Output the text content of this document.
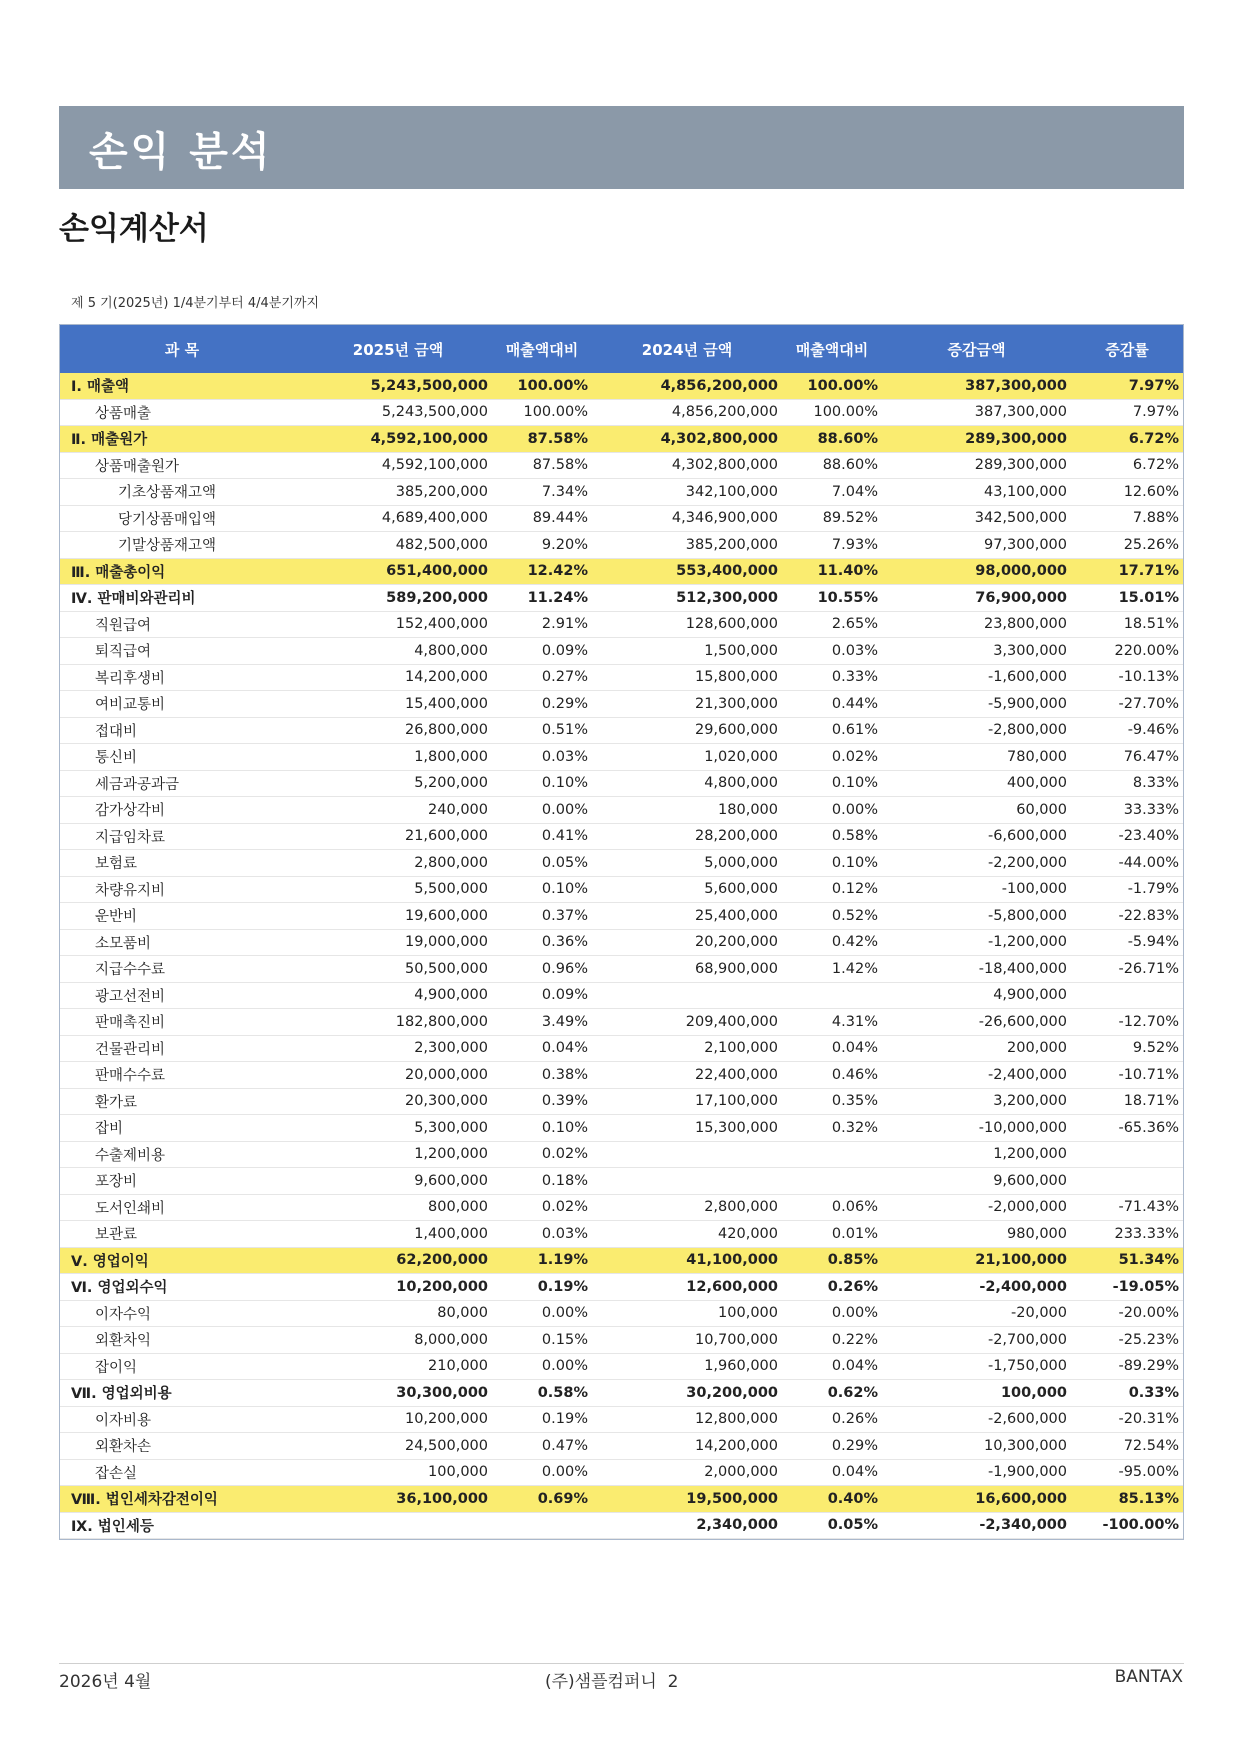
손익 분석
손익계산서
제 5 기(2025년) 1/4분기부터 4/4분기까지
과 목	2025년 금액	매출액대비	2024년 금액	매출액대비	증감금액	증감률
Ⅰ. 매출액	5,243,500,000	100.00%	4,856,200,000	100.00%	387,300,000	7.97%
상품매출	5,243,500,000	100.00%	4,856,200,000	100.00%	387,300,000	7.97%
Ⅱ. 매출원가	4,592,100,000	87.58%	4,302,800,000	88.60%	289,300,000	6.72%
상품매출원가	4,592,100,000	87.58%	4,302,800,000	88.60%	289,300,000	6.72%
기초상품재고액	385,200,000	7.34%	342,100,000	7.04%	43,100,000	12.60%
당기상품매입액	4,689,400,000	89.44%	4,346,900,000	89.52%	342,500,000	7.88%
기말상품재고액	482,500,000	9.20%	385,200,000	7.93%	97,300,000	25.26%
Ⅲ. 매출총이익	651,400,000	12.42%	553,400,000	11.40%	98,000,000	17.71%
Ⅳ. 판매비와관리비	589,200,000	11.24%	512,300,000	10.55%	76,900,000	15.01%
직원급여	152,400,000	2.91%	128,600,000	2.65%	23,800,000	18.51%
퇴직급여	4,800,000	0.09%	1,500,000	0.03%	3,300,000	220.00%
복리후생비	14,200,000	0.27%	15,800,000	0.33%	-1,600,000	-10.13%
여비교통비	15,400,000	0.29%	21,300,000	0.44%	-5,900,000	-27.70%
접대비	26,800,000	0.51%	29,600,000	0.61%	-2,800,000	-9.46%
통신비	1,800,000	0.03%	1,020,000	0.02%	780,000	76.47%
세금과공과금	5,200,000	0.10%	4,800,000	0.10%	400,000	8.33%
감가상각비	240,000	0.00%	180,000	0.00%	60,000	33.33%
지급임차료	21,600,000	0.41%	28,200,000	0.58%	-6,600,000	-23.40%
보험료	2,800,000	0.05%	5,000,000	0.10%	-2,200,000	-44.00%
차량유지비	5,500,000	0.10%	5,600,000	0.12%	-100,000	-1.79%
운반비	19,600,000	0.37%	25,400,000	0.52%	-5,800,000	-22.83%
소모품비	19,000,000	0.36%	20,200,000	0.42%	-1,200,000	-5.94%
지급수수료	50,500,000	0.96%	68,900,000	1.42%	-18,400,000	-26.71%
광고선전비	4,900,000	0.09%			4,900,000	
판매촉진비	182,800,000	3.49%	209,400,000	4.31%	-26,600,000	-12.70%
건물관리비	2,300,000	0.04%	2,100,000	0.04%	200,000	9.52%
판매수수료	20,000,000	0.38%	22,400,000	0.46%	-2,400,000	-10.71%
환가료	20,300,000	0.39%	17,100,000	0.35%	3,200,000	18.71%
잡비	5,300,000	0.10%	15,300,000	0.32%	-10,000,000	-65.36%
수출제비용	1,200,000	0.02%			1,200,000	
포장비	9,600,000	0.18%			9,600,000	
도서인쇄비	800,000	0.02%	2,800,000	0.06%	-2,000,000	-71.43%
보관료	1,400,000	0.03%	420,000	0.01%	980,000	233.33%
Ⅴ. 영업이익	62,200,000	1.19%	41,100,000	0.85%	21,100,000	51.34%
Ⅵ. 영업외수익	10,200,000	0.19%	12,600,000	0.26%	-2,400,000	-19.05%
이자수익	80,000	0.00%	100,000	0.00%	-20,000	-20.00%
외환차익	8,000,000	0.15%	10,700,000	0.22%	-2,700,000	-25.23%
잡이익	210,000	0.00%	1,960,000	0.04%	-1,750,000	-89.29%
Ⅶ. 영업외비용	30,300,000	0.58%	30,200,000	0.62%	100,000	0.33%
이자비용	10,200,000	0.19%	12,800,000	0.26%	-2,600,000	-20.31%
외환차손	24,500,000	0.47%	14,200,000	0.29%	10,300,000	72.54%
잡손실	100,000	0.00%	2,000,000	0.04%	-1,900,000	-95.00%
Ⅷ. 법인세차감전이익	36,100,000	0.69%	19,500,000	0.40%	16,600,000	85.13%
Ⅸ. 법인세등			2,340,000	0.05%	-2,340,000	-100.00%
2026년 4월	(주)샘플컴퍼니  2	BANTAX
